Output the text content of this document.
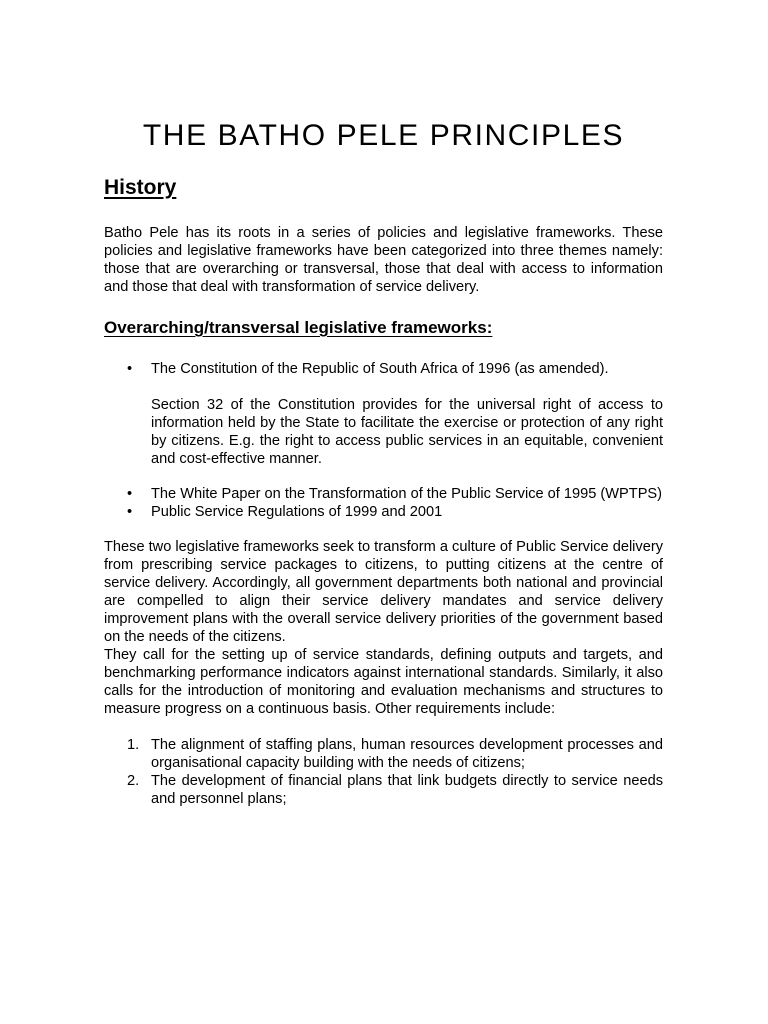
THE BATHO PELE PRINCIPLES
History

Batho Pele has its roots in a series of policies and legislative frameworks. These policies and legislative frameworks have been categorized into three themes namely: those that are overarching or transversal, those that deal with access to information and those that deal with transformation of service delivery.

Overarching/transversal legislative frameworks:
•	The Constitution of the Republic of South Africa of 1996 (as amended).

Section 32 of the Constitution provides for the universal right of access to information held by the State to facilitate the exercise or protection of any right by citizens. E.g. the right to access public services in an equitable, convenient and cost-effective manner.

•	The White Paper on the Transformation of the Public Service of 1995 (WPTPS)
•	Public Service Regulations of 1999 and 2001

These two legislative frameworks seek to transform a culture of Public Service delivery from prescribing service packages to citizens, to putting citizens at the centre of service delivery. Accordingly, all government departments both national and provincial are compelled to align their service delivery mandates and service delivery improvement plans with the overall service delivery priorities of the government based on the needs of the citizens.

They call for the setting up of service standards, defining outputs and targets, and benchmarking performance indicators against international standards. Similarly, it also calls for the introduction of monitoring and evaluation mechanisms and structures to measure progress on a continuous basis. Other requirements include:

1. The alignment of staffing plans, human resources development processes and organisational capacity building with the needs of citizens;
2. The development of financial plans that link budgets directly to service needs and personnel plans;
